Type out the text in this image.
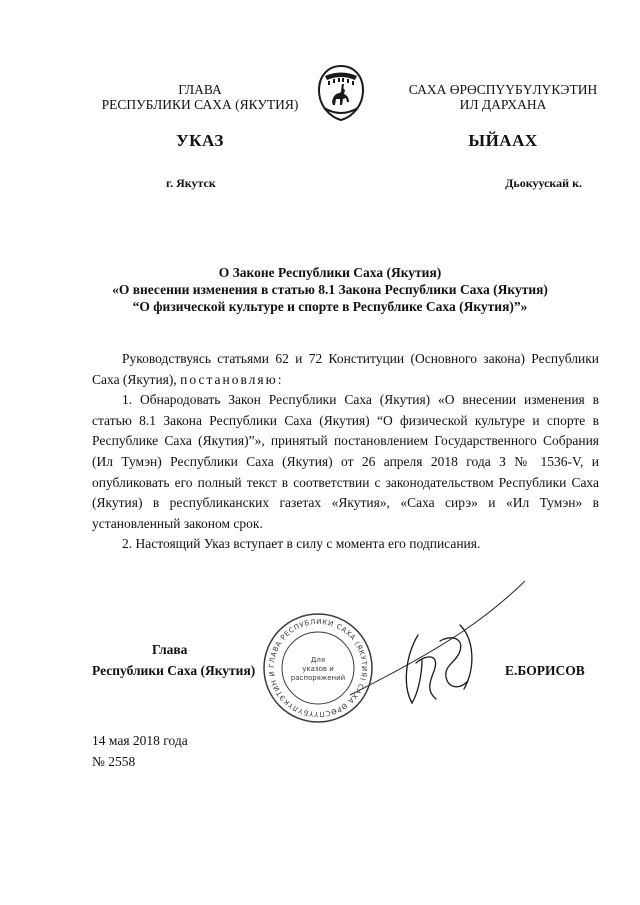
ГЛАВА
РЕСПУБЛИКИ САХА (ЯКУТИЯ)
САХА ӨРӨСПҮҮБҮЛҮКЭТИН
ИЛ ДАРХАНА
УКАЗ	ЫЙААХ
г. Якутск	Дьокуускай к.
О Законе Республики Саха (Якутия)
«О внесении изменения в статью 8.1 Закона Республики Саха (Якутия)
“О физической культуре и спорте в Республике Саха (Якутия)”»

Руководствуясь статьями 62 и 72 Конституции (Основного закона) Республики Саха (Якутия), постановляю:

1. Обнародовать Закон Республики Саха (Якутия) «О внесении изменения в статью 8.1 Закона Республики Саха (Якутия) “О физической культуре и спорте в Республике Саха (Якутия)”», принятый постановлением Государственного Собрания (Ил Тумэн) Республики Саха (Якутия) от 26 апреля 2018 года З № 1536-V, и опубликовать его полный текст в соответствии с законодательством Республики Саха (Якутия) в республиканских газетах «Якутия», «Саха сирэ» и «Ил Тумэн» в установленный законом срок.

2. Настоящий Указ вступает в силу с момента его подписания.

ГЛАВА РЕСПУБЛИКИ САХА (ЯКУТИЯ) САХА ӨРӨСПҮҮБҮЛҮКЭТИН И
Для
указов и
распоряжений
Глава
Республики Саха (Якутия)	Е.БОРИСОВ
14 мая 2018 года
№ 2558
